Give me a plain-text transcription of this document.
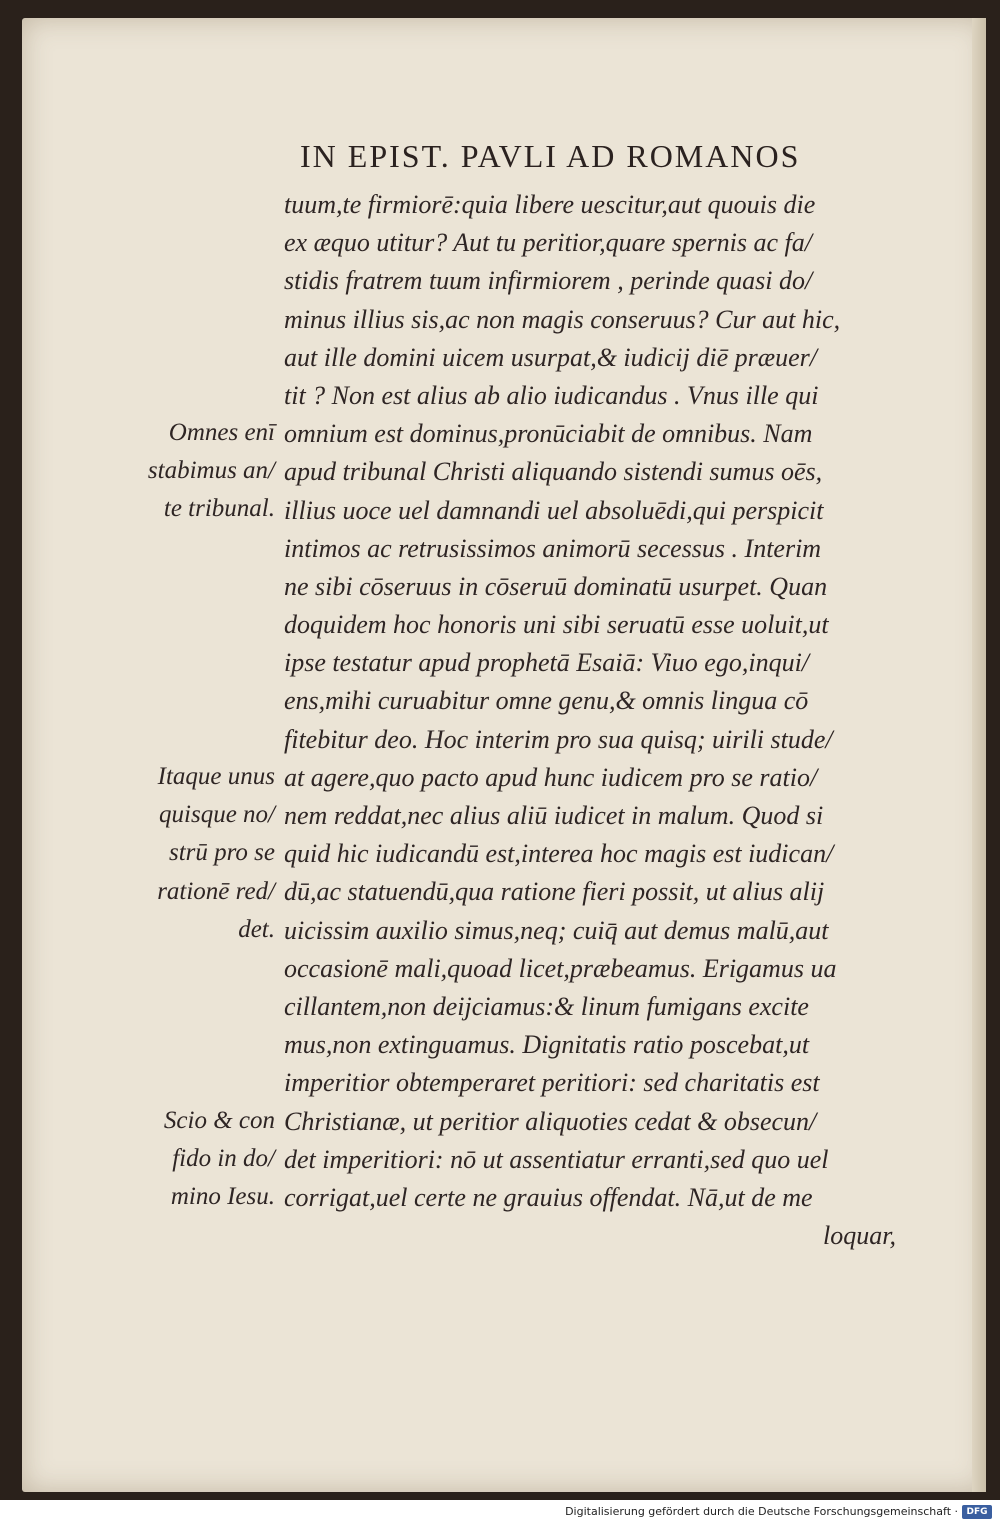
IN EPIST. PAVLI AD ROMANOS
tuum,te firmiorē:quia libere uescitur,aut quouis die
ex æquo utitur? Aut tu peritior,quare spernis ac fa/
stidis fratrem tuum infirmiorem , perinde quasi do/
minus illius sis,ac non magis conseruus? Cur aut hic,
aut ille domini uicem usurpat,& iudicij diē præuer/
tit ? Non est alius ab alio iudicandus . Vnus ille qui
omnium est dominus,pronūciabit de omnibus. Nam
apud tribunal Christi aliquando sistendi sumus oēs,
illius uoce uel damnandi uel absoluēdi,qui perspicit
intimos ac retrusissimos animorū secessus . Interim
ne sibi cōseruus in cōseruū dominatū usurpet. Quan
doquidem hoc honoris uni sibi seruatū esse uoluit,ut
ipse testatur apud prophetā Esaiā: Viuo ego,inqui/
ens,mihi curuabitur omne genu,& omnis lingua cō
fitebitur deo. Hoc interim pro sua quisq; uirili stude/
at agere,quo pacto apud hunc iudicem pro se ratio/
nem reddat,nec alius aliū iudicet in malum. Quod si
quid hic iudicandū est,interea hoc magis est iudican/
dū,ac statuendū,qua ratione fieri possit, ut alius alij
uicissim auxilio simus,neq; cuiq̄ aut demus malū,aut
occasionē mali,quoad licet,præbeamus. Erigamus ua
cillantem,non deijciamus:& linum fumigans excite
mus,non extinguamus. Dignitatis ratio poscebat,ut
imperitior obtemperaret peritiori: sed charitatis est
Christianæ, ut peritior aliquoties cedat & obsecun/
det imperitiori: nō ut assentiatur erranti,sed quo uel
corrigat,uel certe ne grauius offendat. Nā,ut de me
loquar,
Omnes enī
stabimus an/
te tribunal.
Itaque unus
quisque no/
strū pro se
rationē red/
det.
Scio & con
fido in do/
mino Iesu.
Digitalisierung gefördert durch die Deutsche Forschungsgemeinschaft · DFG
